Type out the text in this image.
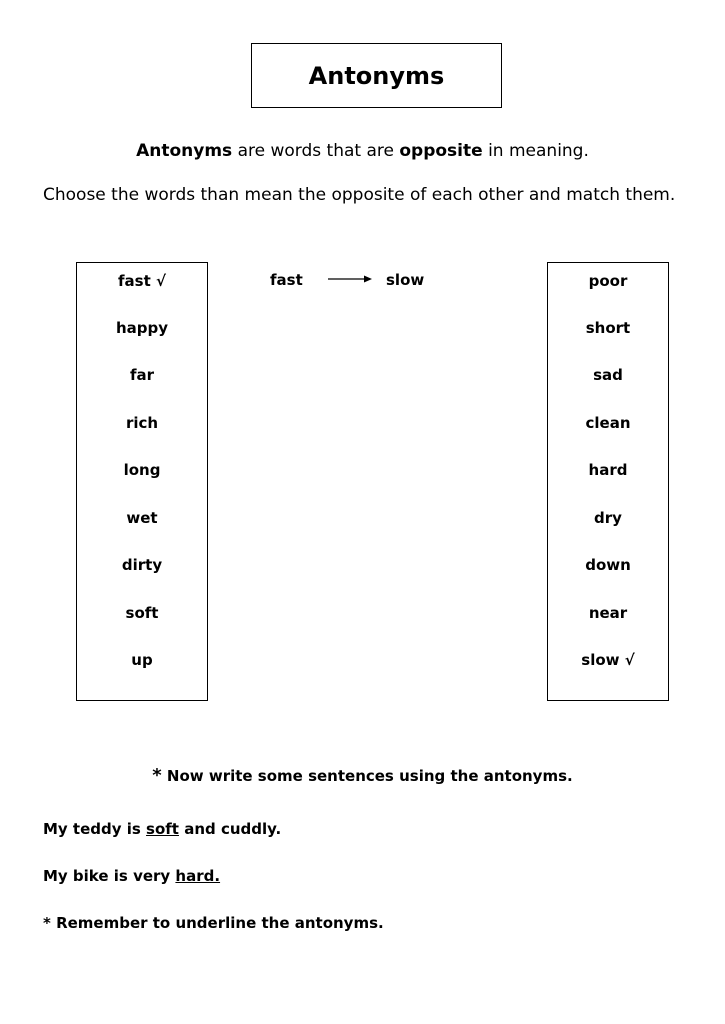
Antonyms

Antonyms are words that are opposite in meaning.

Choose the words than mean the opposite of each other and match them.

fast √
happy
far
rich
long
wet
dirty
soft
up
fast	slow	poor
short
sad
clean
hard
dry
down
near
slow √

* Now write some sentences using the antonyms.

My teddy is soft and cuddly.

My bike is very hard.

* Remember to underline the antonyms.
